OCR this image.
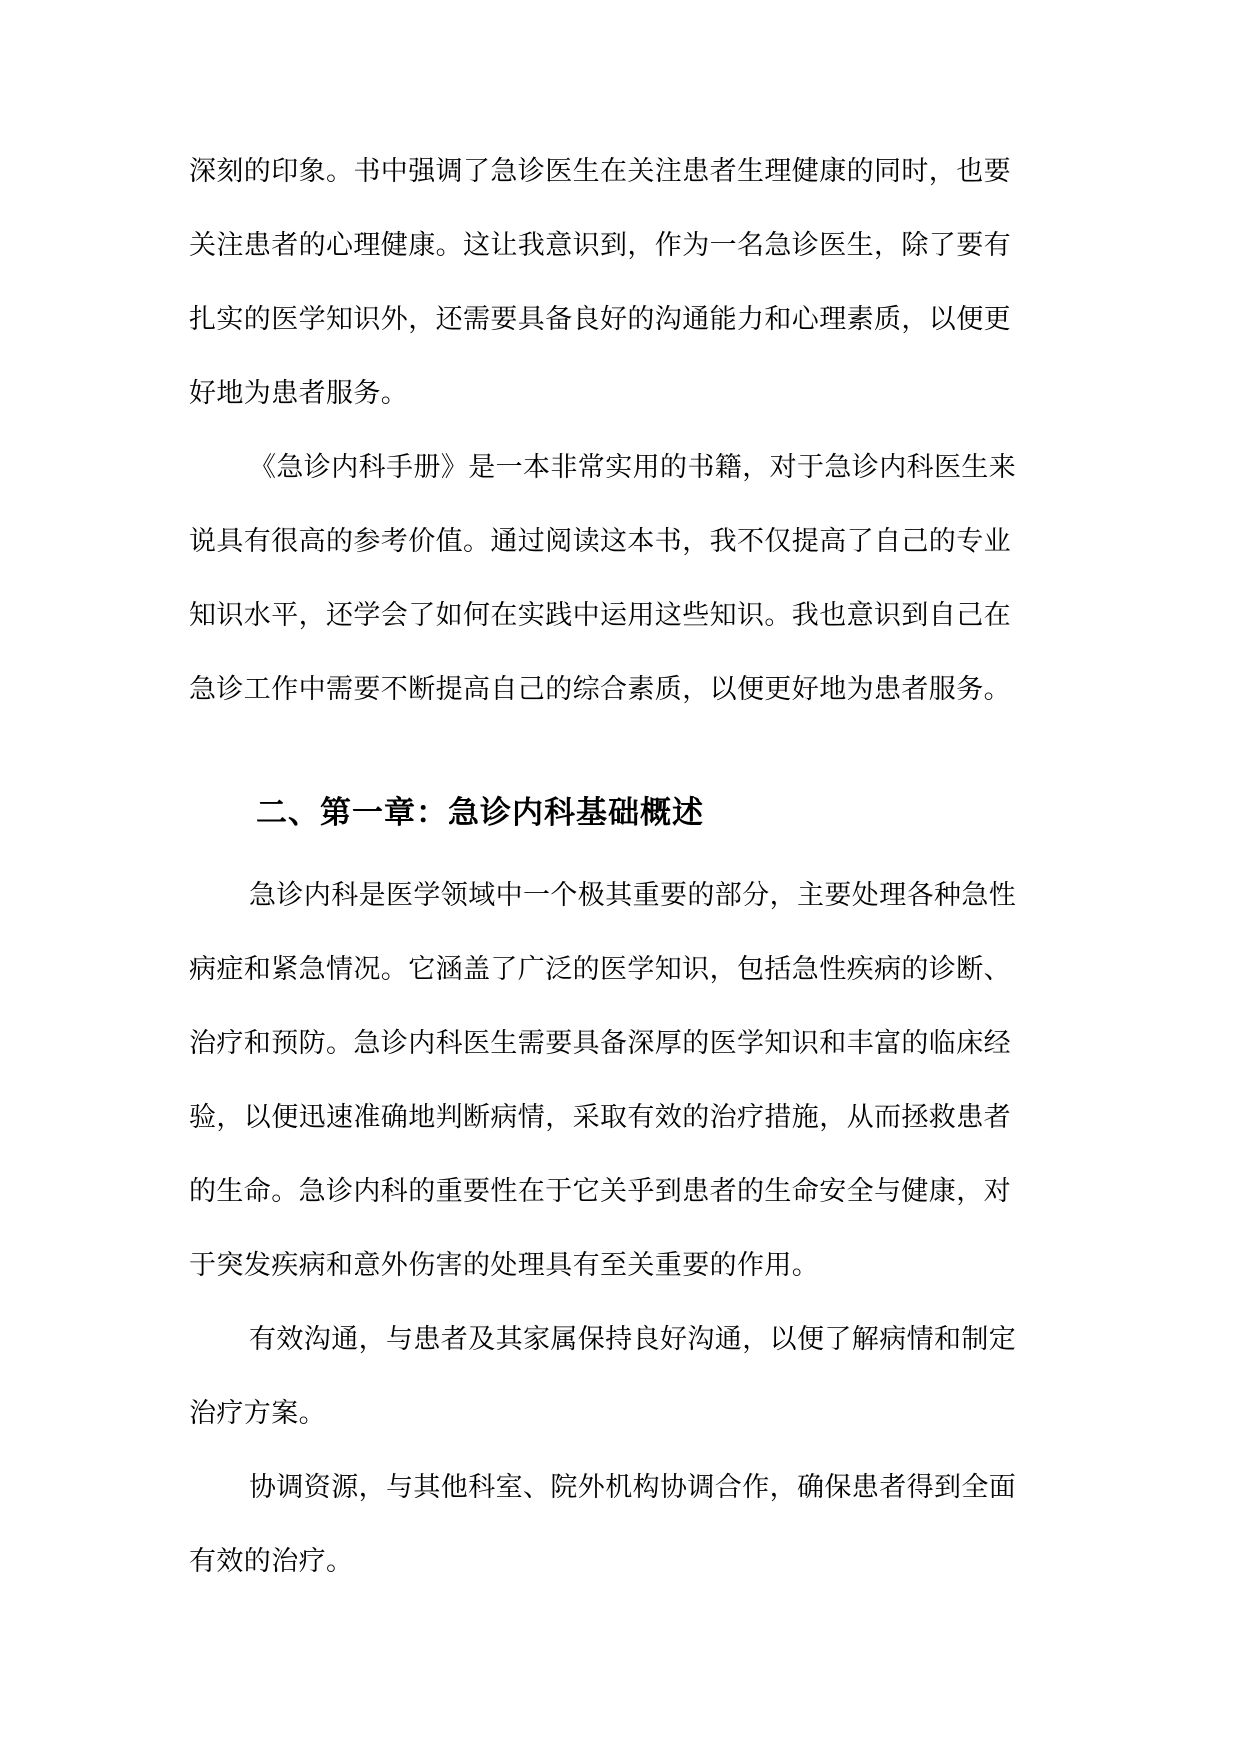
深刻的印象。书中强调了急诊医生在关注患者生理健康的同时，也要
关注患者的心理健康。这让我意识到，作为一名急诊医生，除了要有
扎实的医学知识外，还需要具备良好的沟通能力和心理素质，以便更
好地为患者服务。
《急诊内科手册》是一本非常实用的书籍，对于急诊内科医生来
说具有很高的参考价值。通过阅读这本书，我不仅提高了自己的专业
知识水平，还学会了如何在实践中运用这些知识。我也意识到自己在
急诊工作中需要不断提高自己的综合素质，以便更好地为患者服务。
二、第一章：急诊内科基础概述
急诊内科是医学领域中一个极其重要的部分，主要处理各种急性
病症和紧急情况。它涵盖了广泛的医学知识，包括急性疾病的诊断、
治疗和预防。急诊内科医生需要具备深厚的医学知识和丰富的临床经
验，以便迅速准确地判断病情，采取有效的治疗措施，从而拯救患者
的生命。急诊内科的重要性在于它关乎到患者的生命安全与健康，对
于突发疾病和意外伤害的处理具有至关重要的作用。
有效沟通，与患者及其家属保持良好沟通，以便了解病情和制定
治疗方案。
协调资源，与其他科室、院外机构协调合作，确保患者得到全面
有效的治疗。
